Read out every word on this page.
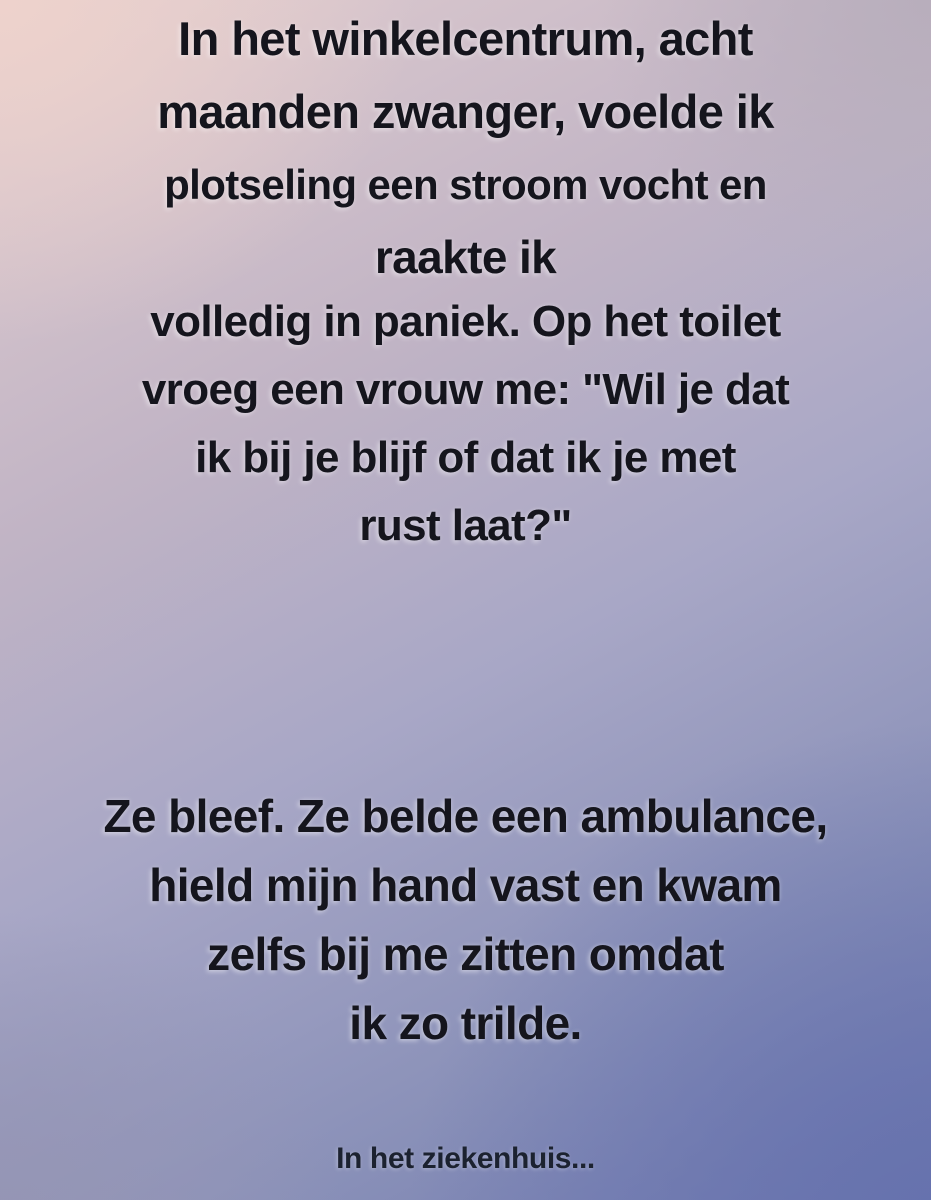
In het winkelcentrum, acht
maanden zwanger, voelde ik
plotseling een stroom vocht en
raakte ik
volledig in paniek. Op het toilet
vroeg een vrouw me: "Wil je dat
ik bij je blijf of dat ik je met
rust laat?"
Ze bleef. Ze belde een ambulance,
hield mijn hand vast en kwam
zelfs bij me zitten omdat
ik zo trilde.
In het ziekenhuis...
